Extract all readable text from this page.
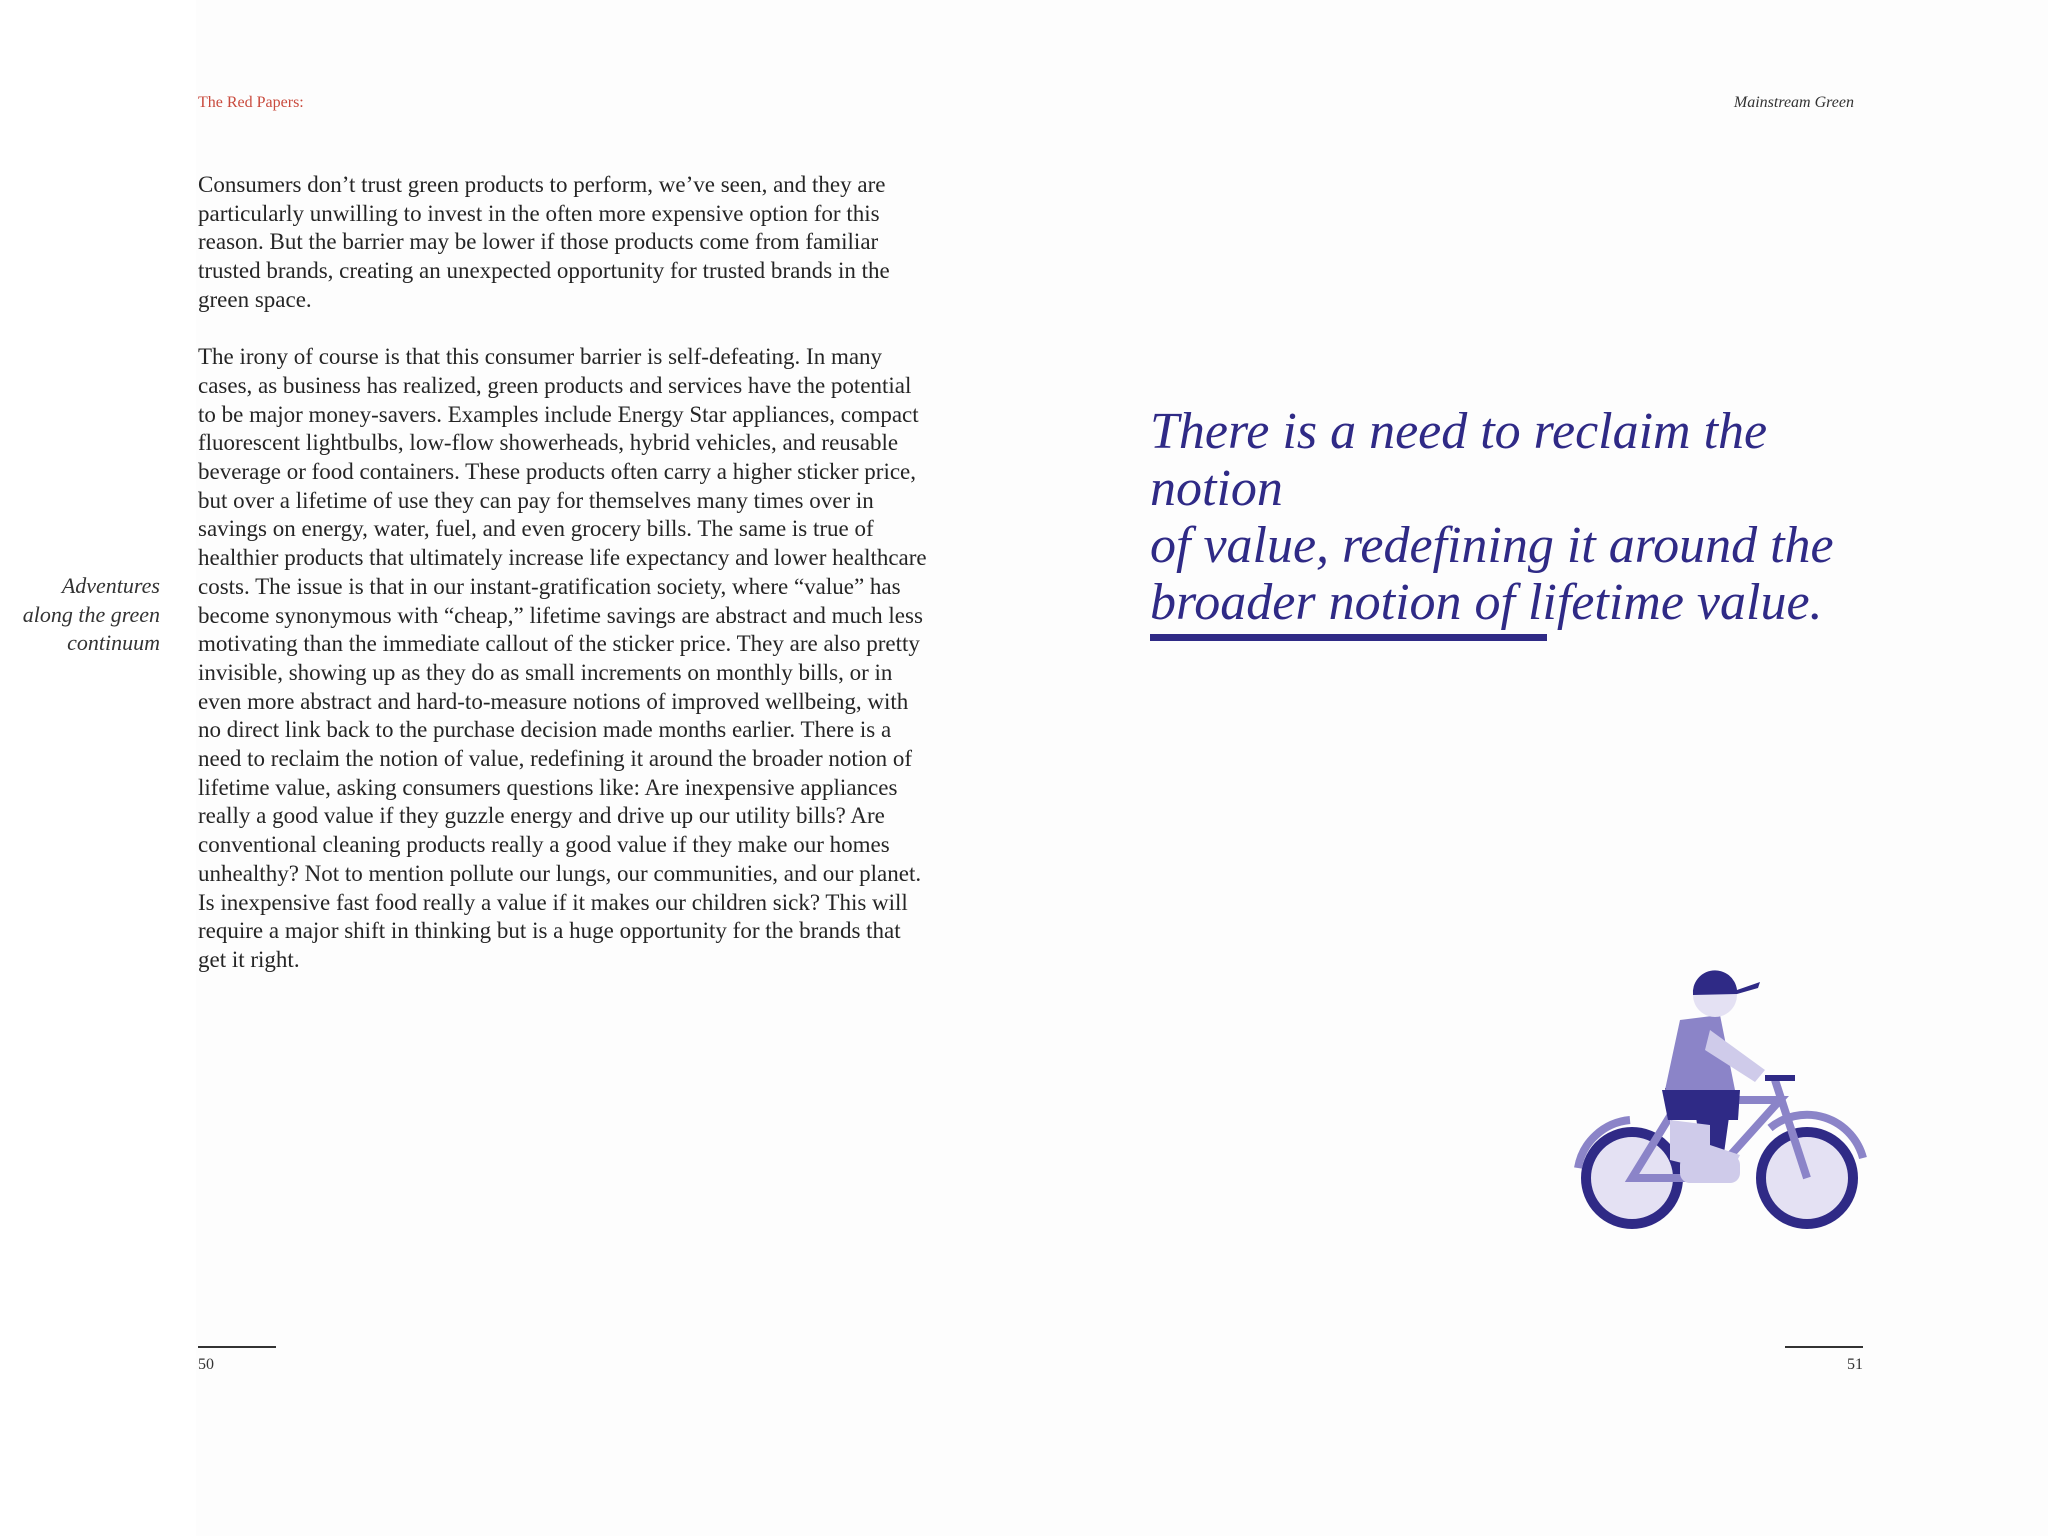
The Red Papers:	Mainstream Green

Consumers don’t trust green products to perform, we’ve seen, and they are particularly unwilling to invest in the often more expensive option for this reason. But the barrier may be lower if those products come from familiar trusted brands, creating an unexpected opportunity for trusted brands in the green space.

The irony of course is that this consumer barrier is self-defeating. In many cases, as business has realized, green products and services have the potential to be major money-savers. Examples include Energy Star appliances, compact fluorescent lightbulbs, low-flow showerheads, hybrid vehicles, and reusable beverage or food containers. These products often carry a higher sticker price, but over a lifetime of use they can pay for themselves many times over in savings on energy, water, fuel, and even grocery bills. The same is true of healthier products that ultimately increase life expectancy and lower healthcare costs. The issue is that in our instant-gratification society, where “value” has become synonymous with “cheap,” lifetime savings are abstract and much less motivating than the immediate callout of the sticker price. They are also pretty invisible, showing up as they do as small increments on monthly bills, or in even more abstract and hard-to-measure notions of improved wellbeing, with no direct link back to the purchase decision made months earlier. There is a need to reclaim the notion of value, redefining it around the broader notion of lifetime value, asking consumers questions like: Are inexpensive appliances really a good value if they guzzle energy and drive up our utility bills? Are conventional cleaning products really a good value if they make our homes unhealthy? Not to mention pollute our lungs, our communities, and our planet. Is inexpensive fast food really a value if it makes our children sick? This will require a major shift in thinking but is a huge opportunity for the brands that get it right.

Adventures
along the green
continuum
There is a need to reclaim the notion
of value, redefining it around the
broader notion of lifetime value.
50	51
